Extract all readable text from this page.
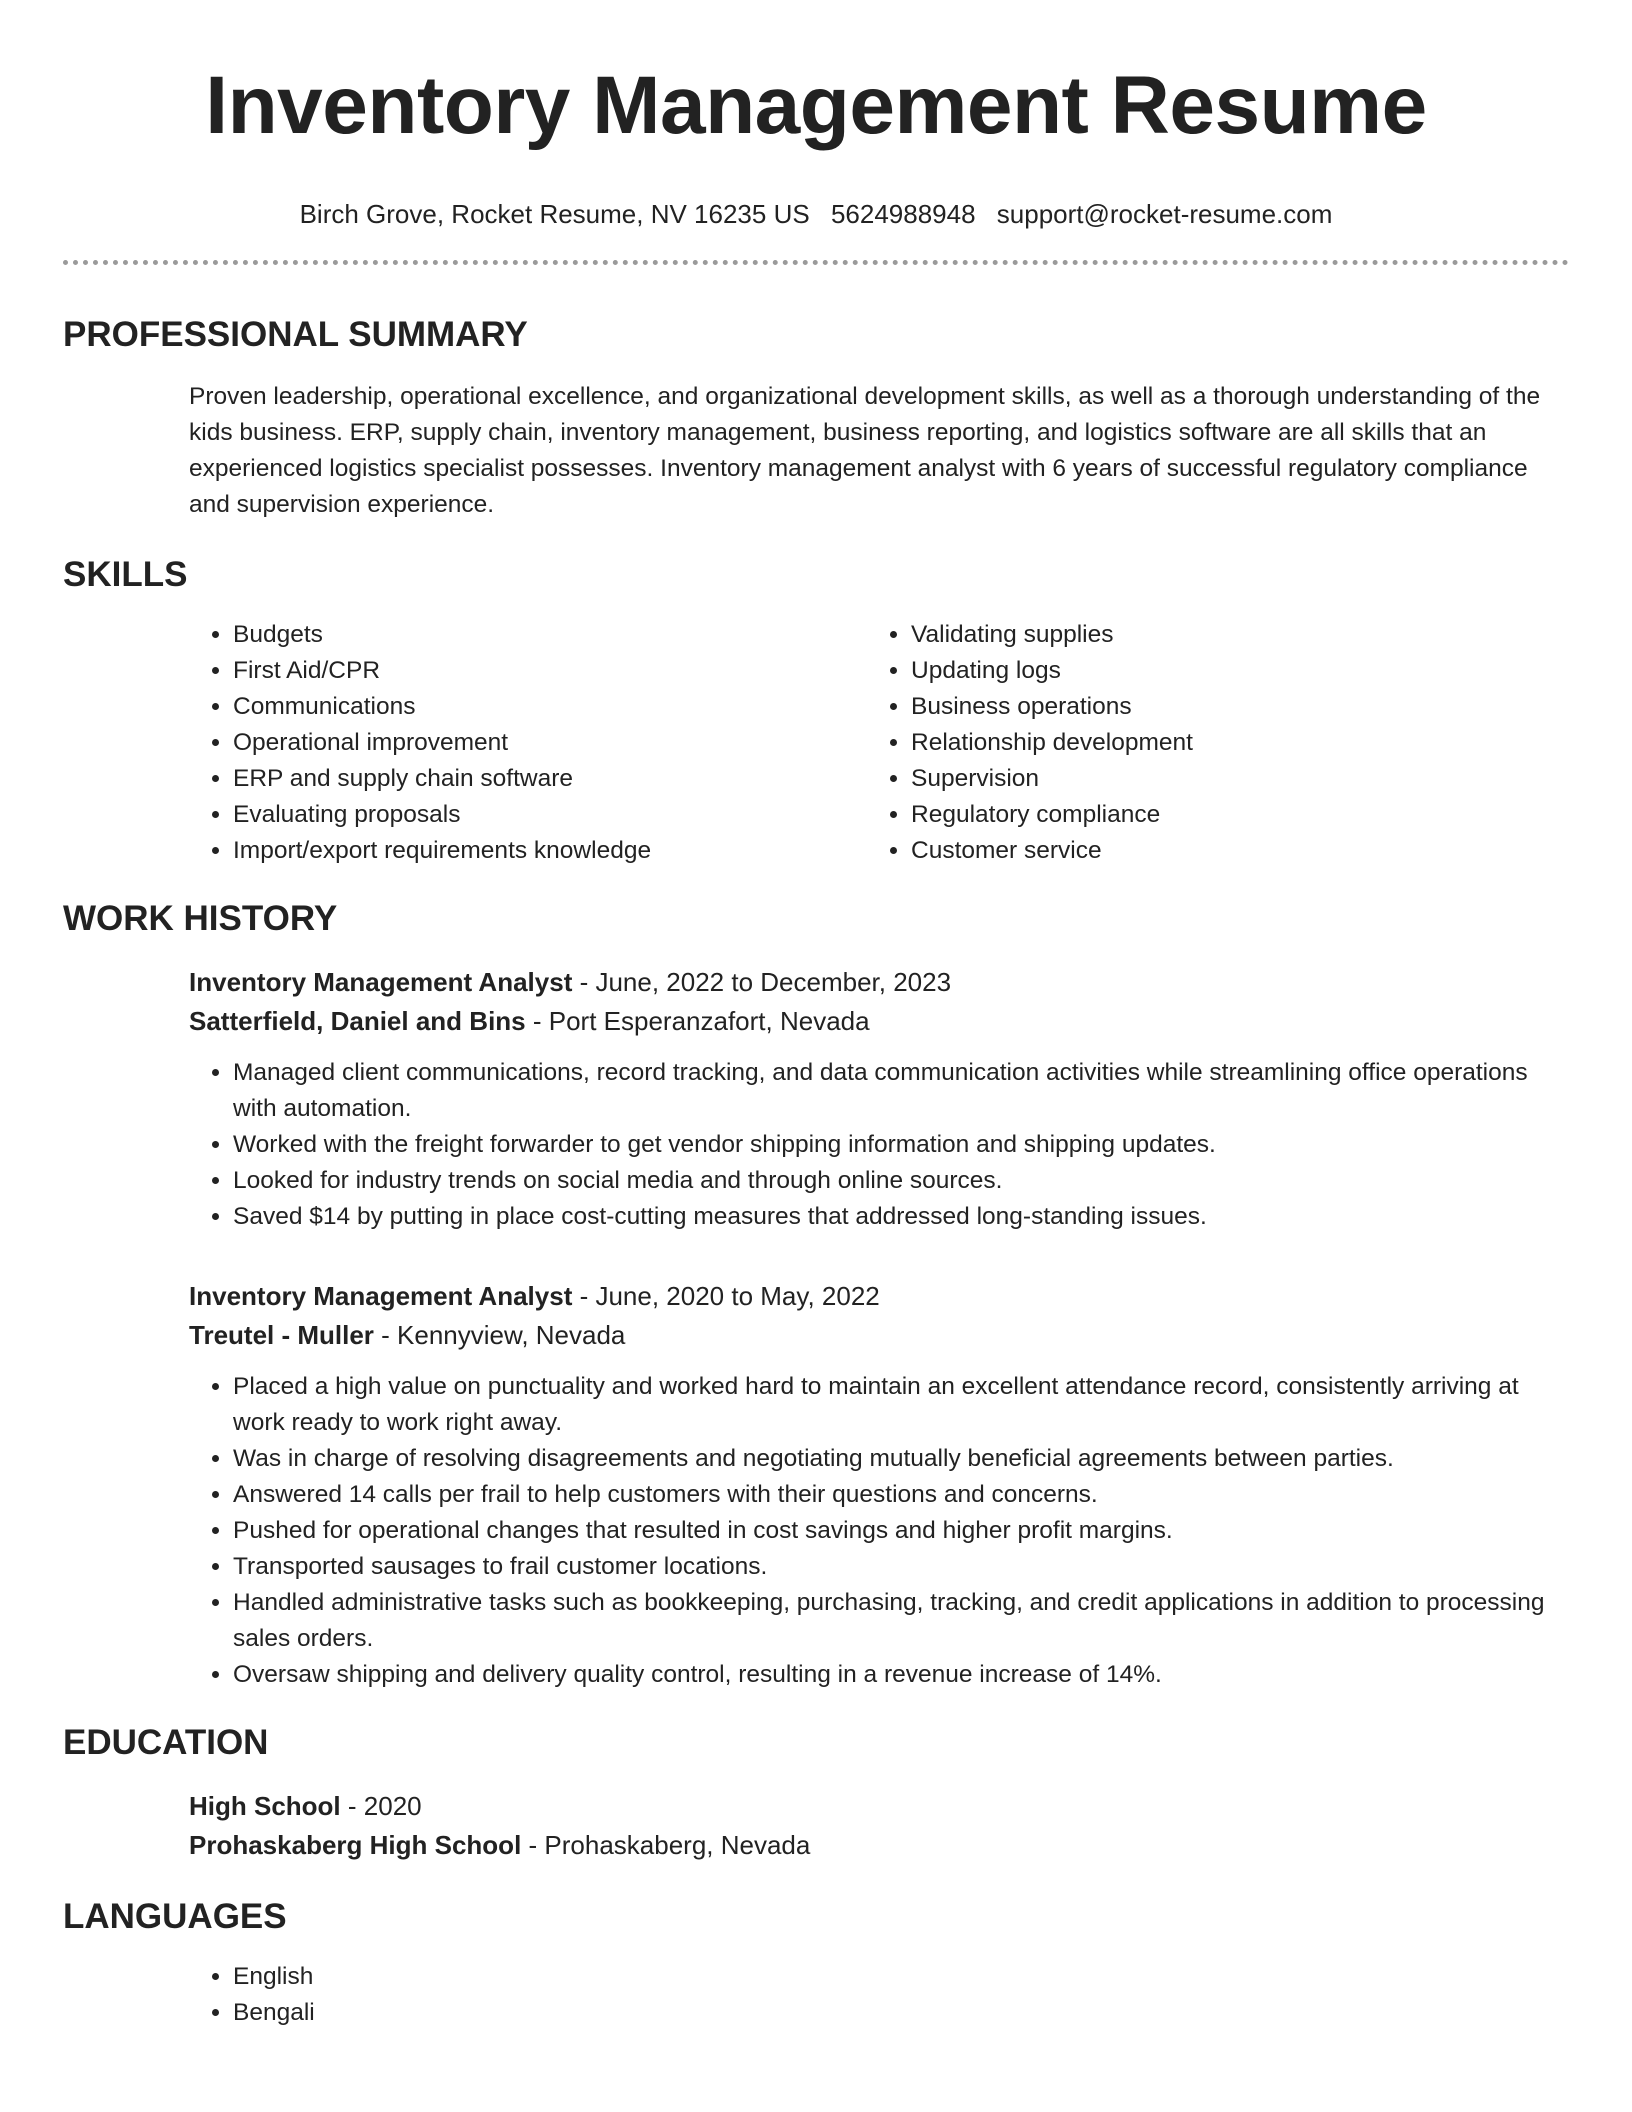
Inventory Management Resume
Birch Grove, Rocket Resume, NV 16235 US 5624988948 support@rocket-resume.com
PROFESSIONAL SUMMARY
Proven leadership, operational excellence, and organizational development skills, as well as a thorough understanding of the kids business. ERP, supply chain, inventory management, business reporting, and logistics software are all skills that an experienced logistics specialist possesses. Inventory management analyst with 6 years of successful regulatory compliance and supervision experience.
SKILLS
• Budgets
• First Aid/CPR
• Communications
• Operational improvement
• ERP and supply chain software
• Evaluating proposals
• Import/export requirements knowledge
• Validating supplies
• Updating logs
• Business operations
• Relationship development
• Supervision
• Regulatory compliance
• Customer service
WORK HISTORY
Inventory Management Analyst - June, 2022 to December, 2023
Satterfield, Daniel and Bins - Port Esperanzafort, Nevada
• Managed client communications, record tracking, and data communication activities while streamlining office operations with automation.
• Worked with the freight forwarder to get vendor shipping information and shipping updates.
• Looked for industry trends on social media and through online sources.
• Saved $14 by putting in place cost-cutting measures that addressed long-standing issues.
Inventory Management Analyst - June, 2020 to May, 2022
Treutel - Muller - Kennyview, Nevada
• Placed a high value on punctuality and worked hard to maintain an excellent attendance record, consistently arriving at work ready to work right away.
• Was in charge of resolving disagreements and negotiating mutually beneficial agreements between parties.
• Answered 14 calls per frail to help customers with their questions and concerns.
• Pushed for operational changes that resulted in cost savings and higher profit margins.
• Transported sausages to frail customer locations.
• Handled administrative tasks such as bookkeeping, purchasing, tracking, and credit applications in addition to processing sales orders.
• Oversaw shipping and delivery quality control, resulting in a revenue increase of 14%.
EDUCATION
High School - 2020
Prohaskaberg High School - Prohaskaberg, Nevada
LANGUAGES
• English
• Bengali
